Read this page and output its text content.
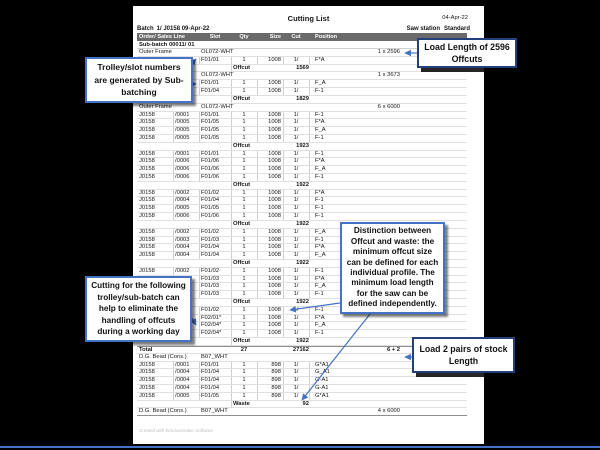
Cutting List	04-Apr-22
Batch 1/ J0158 09-Apr-22	Saw station Standard
Order/ Sales Line	Slot	Qty	Size	Cut	Position
Sub-batch 00011/ 01
Outer Frame	OL072-WHT	1 x 2596
F01/01	1	1008	1/	F*A
Offcut	1569
OL072-WHT	1 x 3673
F01/01	1	1008	1/	F_A
F01/04	1	1008	1/	F-1
Offcut	1829
Outer Frame	OL072-WHT	6 x 6000
J0158	/0001 F01/01	1	1008	1/	F-1
J0158	/0005 F01/05	1	1008	1/	F*A
J0158	/0005 F01/05	1	1008	1/	F_A
J0158	/0005 F01/05	1	1008	1/	F-1
Offcut	1923
J0158	/0001 F01/01	1	1008	1/	F-1
J0158	/0006 F01/06	1	1008	1/	F*A
J0158	/0006 F01/06	1	1008	1/	F_A
J0158	/0006 F01/06	1	1008	1/	F-1
Offcut	1922
J0158	/0002 F01/02	1	1008	1/	F*A
J0158	/0004 F01/04	1	1008	1/	F-1
J0158	/0005 F01/05	1	1008	1/	F-1
J0158	/0006 F01/06	1	1008	1/	F-1
Offcut	1922
J0158	/0002 F01/02	1	1008	1/	F_A
J0158	/0003 F01/03	1	1008	1/	F-1
J0158	/0004 F01/04	1	1008	1/	F*A
J0158	/0004 F01/04	1	1008	1/	F_A
Offcut	1922
J0158	/0002 F01/02	1	1008	1/	F-1
F01/03	1	1008	1/	F*A
F01/03	1	1008	1/	F_A
F01/03	1	1008	1/	F-1
Offcut	1922
F01/02	1	1008	1/	F-1
F02/01*	1	1008	1/	F*A
F02/04*	1	1008	1/	F_A
F02/04*	1	1008	1/	F-1
Offcut	1922
Total	27	27162	6 + 2
D.G. Bead (Cons.) B07_WHT
J0158	/0001 F01/01	1	898	1/	G*A1
J0158	/0004 F01/04	1	898	1/	G_A1
J0158	/0004 F01/04	1	898	1/	G-A1
J0158	/0004 F01/04	1	898	1/	G-A1
J0158	/0005 F01/05	1	898	1/	G*A1
Waste	92
D.G. Bead (Cons.) B07_WHT	4 x 6000
Created with Windowmaker Software
Load Length of 2596 Offcuts
Trolley/slot numbers are generated by Sub-batching
Distinction between Offcut and waste: the minimum offcut size can be defined for each individual profile. The minimum load length for the saw can be defined independently.
Cutting for the following trolley/sub-batch can help to eliminate the handling of offcuts during a working day
Load 2 pairs of stock Length
